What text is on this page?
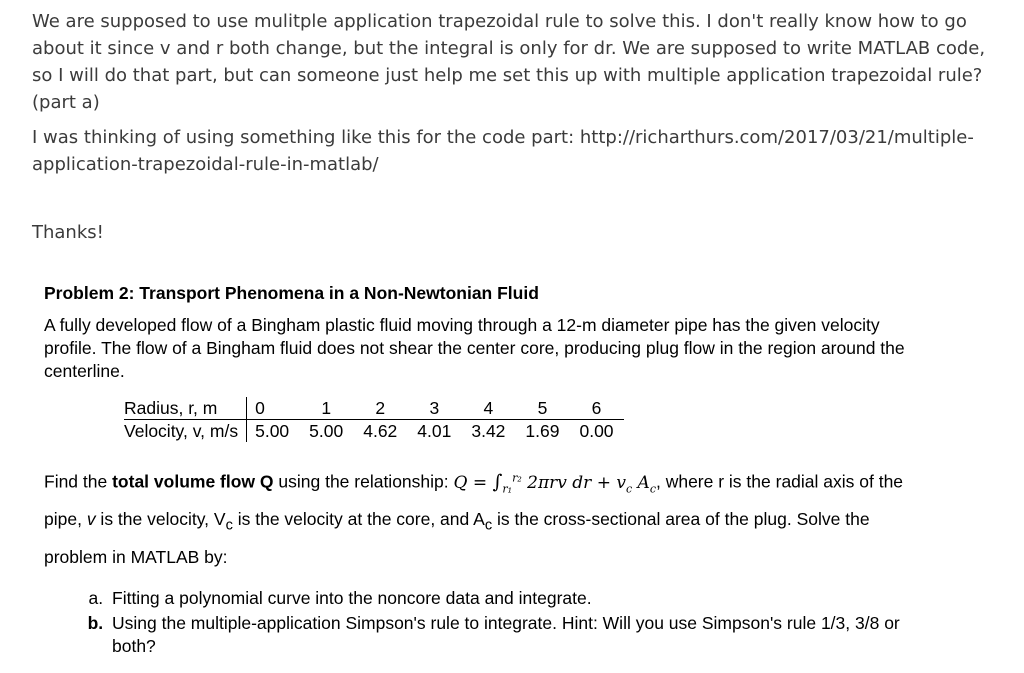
We are supposed to use mulitple application trapezoidal rule to solve this. I don't really know how to go about it since v and r both change, but the integral is only for dr. We are supposed to write MATLAB code, so I will do that part, but can someone just help me set this up with multiple application trapezoidal rule? (part a)

I was thinking of using something like this for the code part: http://richarthurs.com/2017/03/21/multiple-application-trapezoidal-rule-in-matlab/

Thanks!

Problem 2: Transport Phenomena in a Non-Newtonian Fluid

A fully developed flow of a Bingham plastic fluid moving through a 12-m diameter pipe has the given velocity profile. The flow of a Bingham fluid does not shear the center core, producing plug flow in the region around the centerline.

Radius, r, m	0	1	2	3	4	5	6
Velocity, v, m/s	5.00	5.00	4.62	4.01	3.42	1.69	0.00

Find the total volume flow Q using the relationship: $Q = \int_{r_1}^{r_2}$ 2πrv dr + $v_c$ $A_c$, where r is the radial axis of the pipe, v is the velocity, $V_c$ is the velocity at the core, and $A_c$ is the cross-sectional area of the plug. Solve the problem in MATLAB by:

a. Fitting a polynomial curve into the noncore data and integrate.
b. Using the multiple-application Simpson's rule to integrate. Hint: Will you use Simpson's rule 1/3, 3/8 or both?
